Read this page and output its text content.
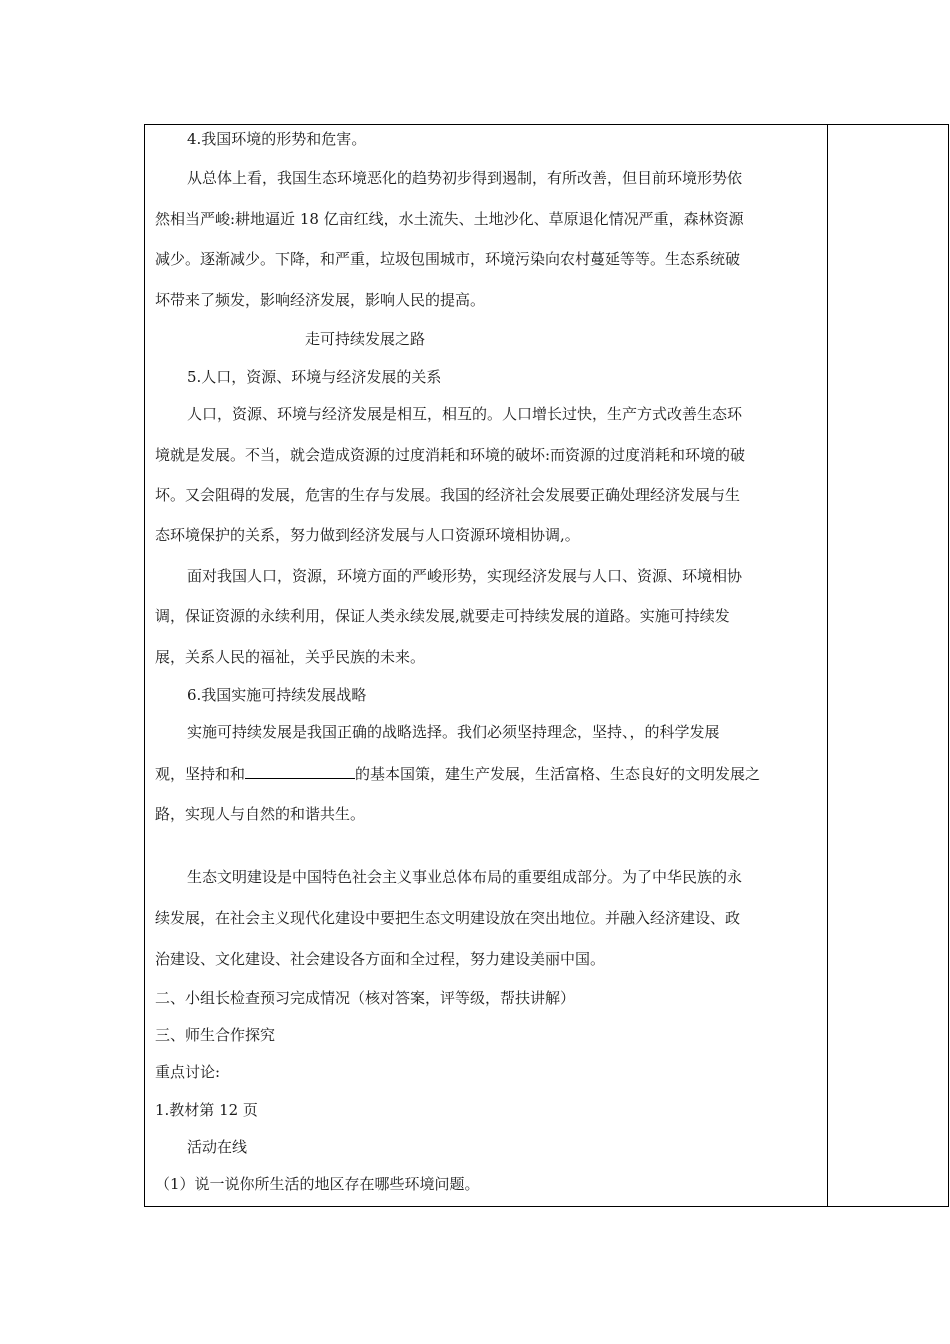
4.我国环境的形势和危害。
从总体上看，我国生态环境恶化的趋势初步得到遏制，有所改善，但目前环境形势依
然相当严峻:耕地逼近 18 亿亩红线，水土流失、土地沙化、草原退化情况严重，森林资源
减少。逐渐减少。下降，和严重，垃圾包围城市，环境污染向农村蔓延等等。生态系统破
坏带来了频发，影响经济发展，影响人民的提高。
走可持续发展之路
5.人口，资源、环境与经济发展的关系
人口，资源、环境与经济发展是相互，相互的。人口增长过快，生产方式改善生态环
境就是发展。不当，就会造成资源的过度消耗和环境的破坏:而资源的过度消耗和环境的破
坏。又会阻碍的发展，危害的生存与发展。我国的经济社会发展要正确处理经济发展与生
态环境保护的关系，努力做到经济发展与人口资源环境相协调,。
面对我国人口，资源，环境方面的严峻形势，实现经济发展与人口、资源、环境相协
调，保证资源的永续利用，保证人类永续发展,就要走可持续发展的道路。实施可持续发
展，关系人民的福祉，关乎民族的未来。
6.我国实施可持续发展战略
实施可持续发展是我国正确的战略选择。我们必须坚持理念，坚持、，的科学发展
观，坚持和和	的基本国策，建生产发展，生活富格、生态良好的文明发展之
路，实现人与自然的和谐共生。
生态文明建设是中国特色社会主义事业总体布局的重要组成部分。为了中华民族的永
续发展，在社会主义现代化建设中要把生态文明建设放在突出地位。并融入经济建设、政
治建设、文化建设、社会建设各方面和全过程，努力建设美丽中国。
二、小组长检查预习完成情况（核对答案，评等级，帮扶讲解）
三、师生合作探究
重点讨论:
1.教材第 12 页
活动在线
（1）说一说你所生活的地区存在哪些环境问题。
